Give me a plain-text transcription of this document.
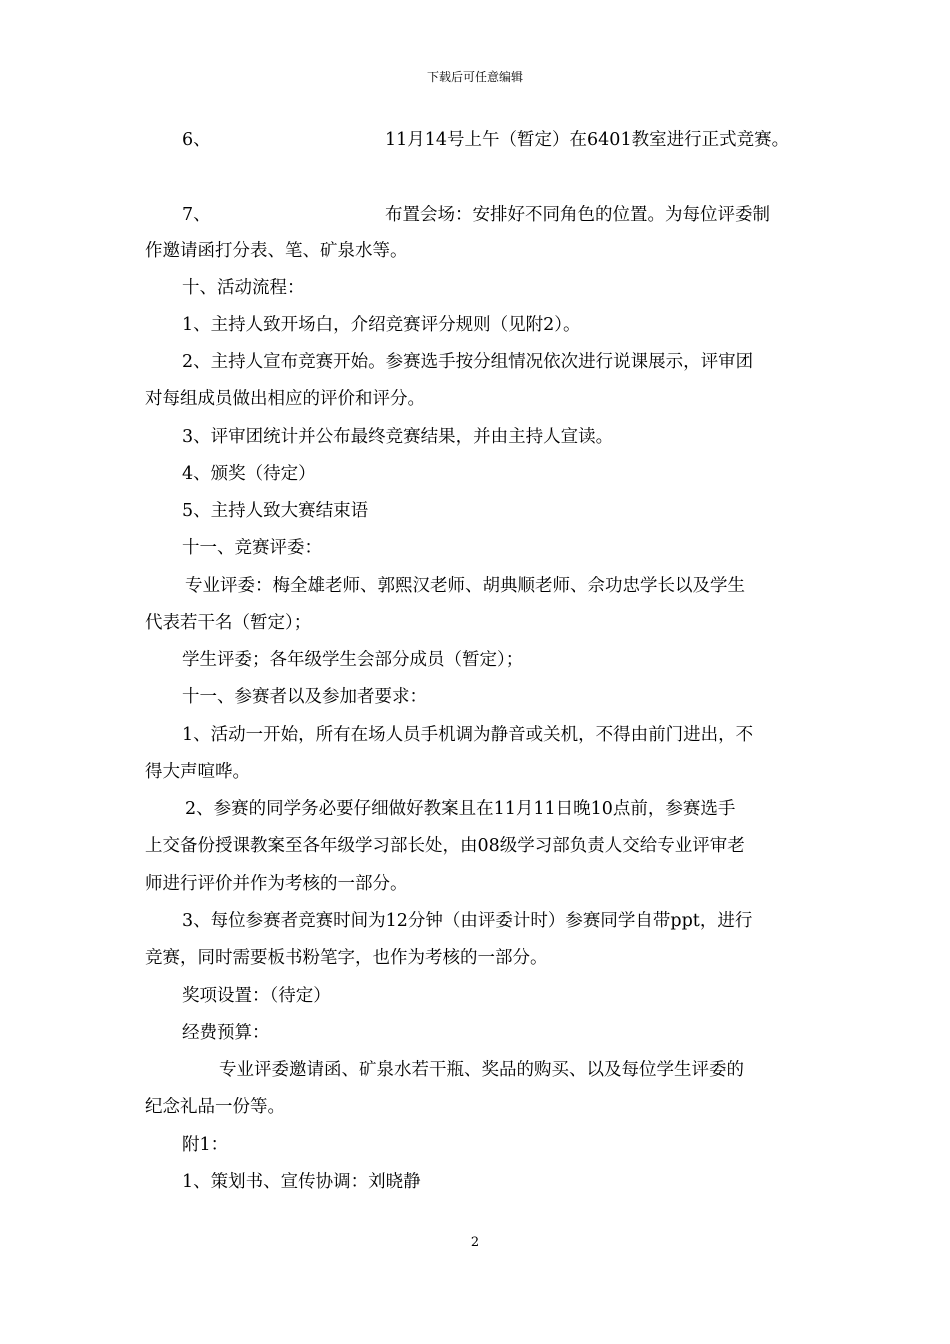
下载后可任意编辑
6、	11月14号上午（暂定）在6401教室进行正式竞赛。
7、	布置会场：安排好不同角色的位置。为每位评委制
作邀请函打分表、笔、矿泉水等。
十、活动流程：
1、主持人致开场白，介绍竞赛评分规则（见附2）。
2、主持人宣布竞赛开始。参赛选手按分组情况依次进行说课展示，评审团
对每组成员做出相应的评价和评分。
3、评审团统计并公布最终竞赛结果，并由主持人宣读。
4、颁奖（待定）
5、主持人致大赛结束语
十一、竞赛评委：
专业评委：梅全雄老师、郭熙汉老师、胡典顺老师、佘功忠学长以及学生
代表若干名（暂定）；
学生评委；各年级学生会部分成员（暂定）；
十一、参赛者以及参加者要求：
1、活动一开始，所有在场人员手机调为静音或关机，不得由前门进出，不
得大声喧哗。
2、参赛的同学务必要仔细做好教案且在11月11日晚10点前，参赛选手
上交备份授课教案至各年级学习部长处，由08级学习部负责人交给专业评审老
师进行评价并作为考核的一部分。
3、每位参赛者竞赛时间为12分钟（由评委计时）参赛同学自带ppt，进行
竞赛，同时需要板书粉笔字，也作为考核的一部分。
奖项设置：（待定）
经费预算：
专业评委邀请函、矿泉水若干瓶、奖品的购买、以及每位学生评委的
纪念礼品一份等。
附1：
1、策划书、宣传协调：刘晓静
2
